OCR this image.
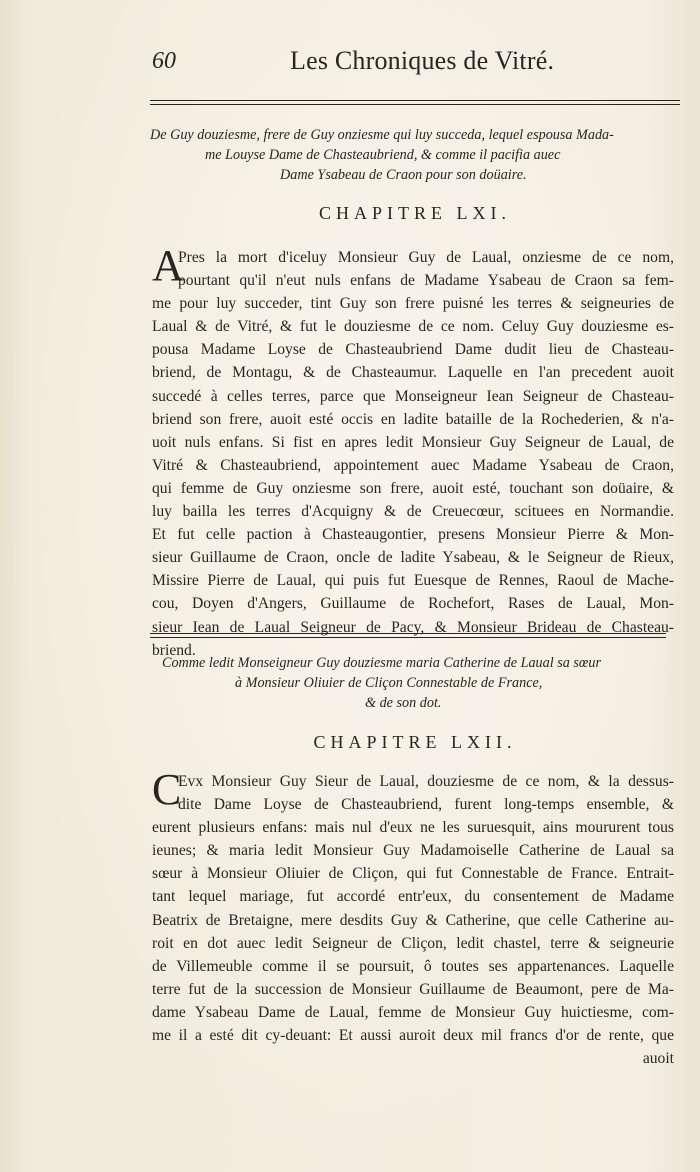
60	Les Chroniques de Vitré.
De Guy douziesme, frere de Guy onziesme qui luy succeda, lequel espousa Mada-
me Louyse Dame de Chasteaubriend, & comme il pacifia auec
Dame Ysabeau de Craon pour son doüaire.
CHAPITRE LXI.
A
Pres la mort d'iceluy Monsieur Guy de Laual, onziesme de ce nom,
pourtant qu'il n'eut nuls enfans de Madame Ysabeau de Craon sa fem-
me pour luy succeder, tint Guy son frere puisné les terres & seigneuries de
Laual & de Vitré, & fut le douziesme de ce nom. Celuy Guy douziesme es-
pousa Madame Loyse de Chasteaubriend Dame dudit lieu de Chasteau-
briend, de Montagu, & de Chasteaumur. Laquelle en l'an precedent auoit
succedé à celles terres, parce que Monseigneur Iean Seigneur de Chasteau-
briend son frere, auoit esté occis en ladite bataille de la Rochederien, & n'a-
uoit nuls enfans. Si fist en apres ledit Monsieur Guy Seigneur de Laual, de
Vitré & Chasteaubriend, appointement auec Madame Ysabeau de Craon,
qui femme de Guy onziesme son frere, auoit esté, touchant son doüaire, &
luy bailla les terres d'Acquigny & de Creuecœur, scituees en Normandie.
Et fut celle paction à Chasteaugontier, presens Monsieur Pierre & Mon-
sieur Guillaume de Craon, oncle de ladite Ysabeau, & le Seigneur de Rieux,
Missire Pierre de Laual, qui puis fut Euesque de Rennes, Raoul de Mache-
cou, Doyen d'Angers, Guillaume de Rochefort, Rases de Laual, Mon-
sieur Iean de Laual Seigneur de Pacy, & Monsieur Brideau de Chasteau-
briend.
Comme ledit Monseigneur Guy douziesme maria Catherine de Laual sa sœur
à Monsieur Oliuier de Cliçon Connestable de France,
& de son dot.
CHAPITRE LXII.
C
Evx Monsieur Guy Sieur de Laual, douziesme de ce nom, & la dessus-
dite Dame Loyse de Chasteaubriend, furent long-temps ensemble, &
eurent plusieurs enfans: mais nul d'eux ne les suruesquit, ains moururent tous
ieunes; & maria ledit Monsieur Guy Madamoiselle Catherine de Laual sa
sœur à Monsieur Oliuier de Cliçon, qui fut Connestable de France. Entrait-
tant lequel mariage, fut accordé entr'eux, du consentement de Madame
Beatrix de Bretaigne, mere desdits Guy & Catherine, que celle Catherine au-
roit en dot auec ledit Seigneur de Cliçon, ledit chastel, terre & seigneurie
de Villemeuble comme il se poursuit, ô toutes ses appartenances. Laquelle
terre fut de la succession de Monsieur Guillaume de Beaumont, pere de Ma-
dame Ysabeau Dame de Laual, femme de Monsieur Guy huictiesme, com-
me il a esté dit cy-deuant: Et aussi auroit deux mil francs d'or de rente, que
auoit
